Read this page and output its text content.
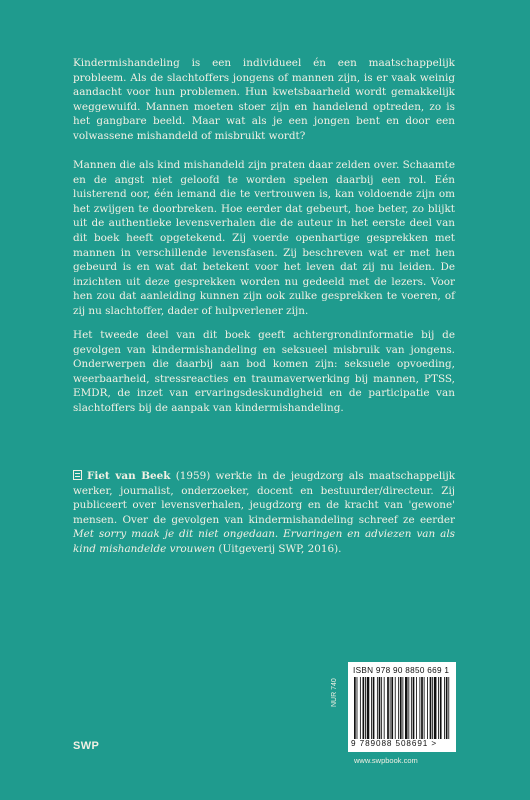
Kindermishandeling is een individueel én een maatschappelijk probleem. Als de slachtoffers jongens of mannen zijn, is er vaak weinig aandacht voor hun problemen. Hun kwetsbaarheid wordt gemakkelijk weggewuifd. Mannen moeten stoer zijn en handelend optreden, zo is het gangbare beeld. Maar wat als je een jongen bent en door een volwassene mishandeld of misbruikt wordt?

Mannen die als kind mishandeld zijn praten daar zelden over. Schaamte en de angst niet geloofd te worden spelen daarbij een rol. Eén luisterend oor, één iemand die te vertrouwen is, kan voldoende zijn om het zwijgen te doorbreken. Hoe eerder dat gebeurt, hoe beter, zo blijkt uit de authentieke levensverhalen die de auteur in het eerste deel van dit boek heeft opgetekend. Zij voerde openhartige gesprekken met mannen in verschillende levensfasen. Zij beschreven wat er met hen gebeurd is en wat dat betekent voor het leven dat zij nu leiden. De inzichten uit deze gesprekken worden nu gedeeld met de lezers. Voor hen zou dat aanleiding kunnen zijn ook zulke gesprekken te voeren, of zij nu slachtoffer, dader of hulpverlener zijn.

Het tweede deel van dit boek geeft achtergrondinformatie bij de gevolgen van kindermishandeling en seksueel misbruik van jongens. Onderwerpen die daarbij aan bod komen zijn: seksuele opvoeding, weerbaarheid, stressreacties en traumaverwerking bij mannen, PTSS, EMDR, de inzet van ervaringsdeskundigheid en de participatie van slachtoffers bij de aanpak van kindermishandeling.

Fiet van Beek (1959) werkte in de jeugdzorg als maatschappelijk werker, journalist, onderzoeker, docent en bestuurder/directeur. Zij publiceert over levensverhalen, jeugdzorg en de kracht van 'gewone' mensen. Over de gevolgen van kindermishandeling schreef ze eerder Met sorry maak je dit niet ongedaan. Ervaringen en adviezen van als kind mishandelde vrouwen (Uitgeverij SWP, 2016).

NUR 740
ISBN 978 90 8850 669 1
9 789088 508691 >
SWP
www.swpbook.com
